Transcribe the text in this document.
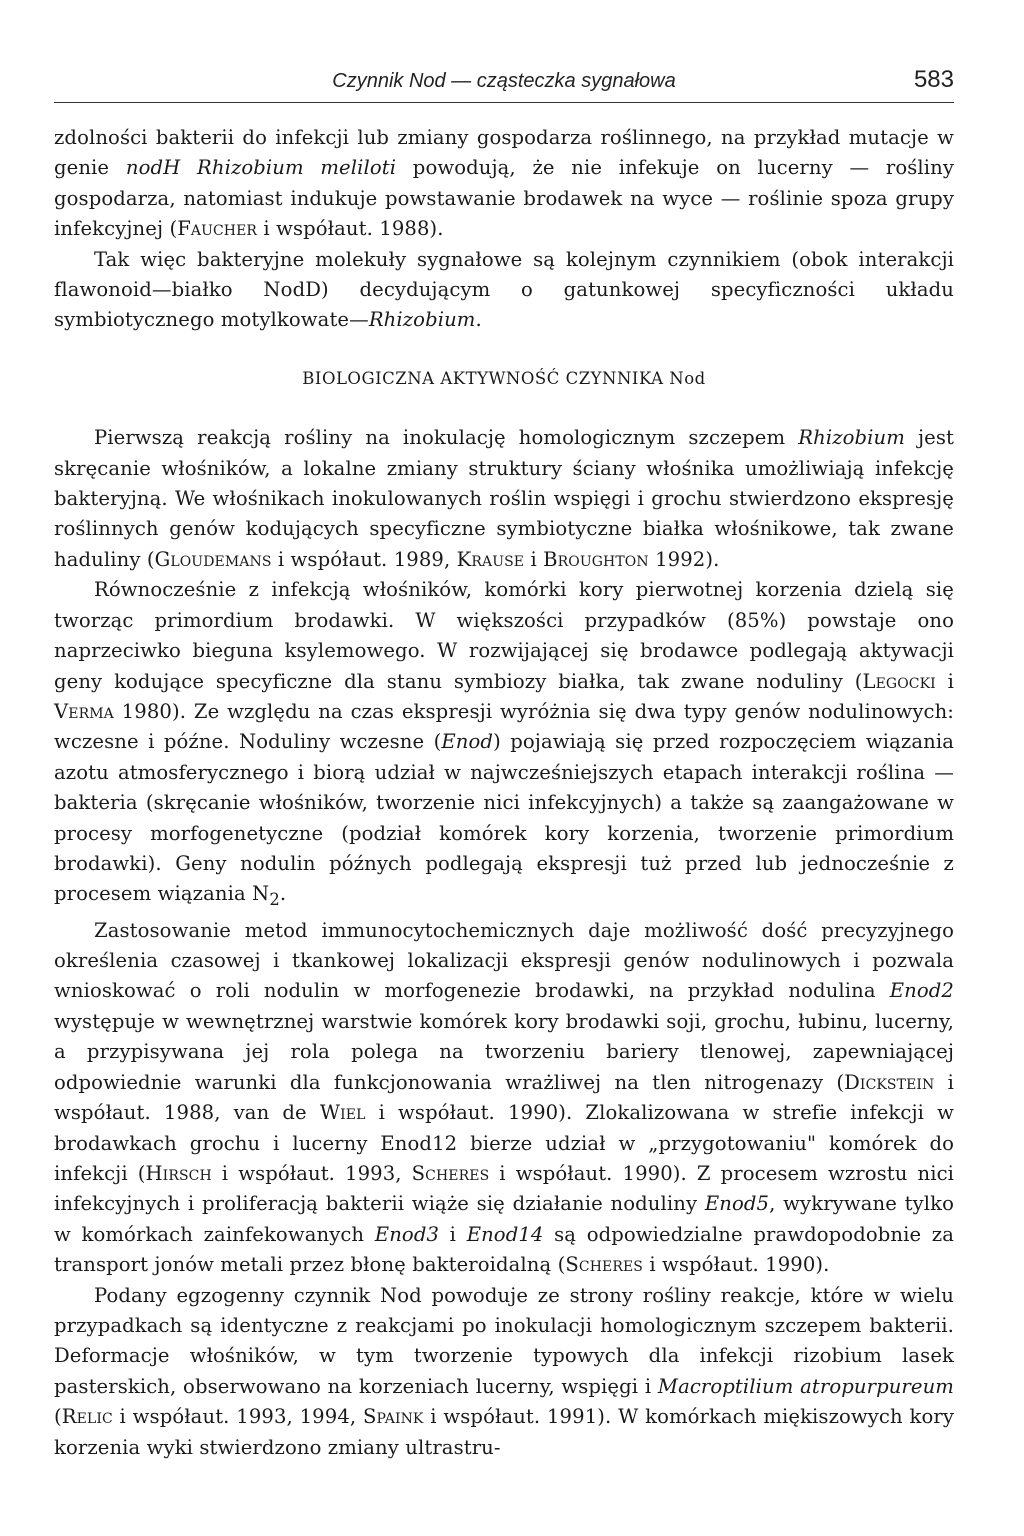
Czynnik Nod — cząsteczka sygnałowa	583

zdolności bakterii do infekcji lub zmiany gospodarza roślinnego, na przykład mutacje w genie nodH Rhizobium meliloti powodują, że nie infekuje on lucerny — rośliny gospodarza, natomiast indukuje powstawanie brodawek na wyce — roślinie spoza grupy infekcyjnej (Faucher i współaut. 1988).

Tak więc bakteryjne molekuły sygnałowe są kolejnym czynnikiem (obok interakcji flawonoid—białko NodD) decydującym o gatunkowej specyficzności układu symbiotycznego motylkowate—Rhizobium.

BIOLOGICZNA AKTYWNOŚĆ CZYNNIKA Nod

Pierwszą reakcją rośliny na inokulację homologicznym szczepem Rhizobium jest skręcanie włośników, a lokalne zmiany struktury ściany włośnika umożliwiają infekcję bakteryjną. We włośnikach inokulowanych roślin wspięgi i grochu stwierdzono ekspresję roślinnych genów kodujących specyficzne symbiotyczne białka włośnikowe, tak zwane haduliny (Gloudemans i współaut. 1989, Krause i Broughton 1992).

Równocześnie z infekcją włośników, komórki kory pierwotnej korzenia dzielą się tworząc primordium brodawki. W większości przypadków (85%) powstaje ono naprzeciwko bieguna ksylemowego. W rozwijającej się brodawce podlegają aktywacji geny kodujące specyficzne dla stanu symbiozy białka, tak zwane noduliny (Legocki i Verma 1980). Ze względu na czas ekspresji wyróżnia się dwa typy genów nodulinowych: wczesne i późne. Noduliny wczesne (Enod) pojawiają się przed rozpoczęciem wiązania azotu atmosferycznego i biorą udział w najwcześniejszych etapach interakcji roślina — bakteria (skręcanie włośników, tworzenie nici infekcyjnych) a także są zaangażowane w procesy morfogenetyczne (podział komórek kory korzenia, tworzenie primordium brodawki). Geny nodulin późnych podlegają ekspresji tuż przed lub jednocześnie z procesem wiązania $N_2$.

Zastosowanie metod immunocytochemicznych daje możliwość dość precyzyjnego określenia czasowej i tkankowej lokalizacji ekspresji genów nodulinowych i pozwala wnioskować o roli nodulin w morfogenezie brodawki, na przykład nodulina Enod2 występuje w wewnętrznej warstwie komórek kory brodawki soji, grochu, łubinu, lucerny, a przypisywana jej rola polega na tworzeniu bariery tlenowej, zapewniającej odpowiednie warunki dla funkcjonowania wrażliwej na tlen nitrogenazy (Dickstein i współaut. 1988, van de Wiel i współaut. 1990). Zlokalizowana w strefie infekcji w brodawkach grochu i lucerny Enod12 bierze udział w „przygotowaniu" komórek do infekcji (Hirsch i współaut. 1993, Scheres i współaut. 1990). Z procesem wzrostu nici infekcyjnych i proliferacją bakterii wiąże się działanie noduliny Enod5, wykrywane tylko w komórkach zainfekowanych Enod3 i Enod14 są odpowiedzialne prawdopodobnie za transport jonów metali przez błonę bakteroidalną (Scheres i współaut. 1990).

Podany egzogenny czynnik Nod powoduje ze strony rośliny reakcje, które w wielu przypadkach są identyczne z reakcjami po inokulacji homologicznym szczepem bakterii. Deformacje włośników, w tym tworzenie typowych dla infekcji rizobium lasek pasterskich, obserwowano na korzeniach lucerny, wspięgi i Macroptilium atropurpureum (Relic i współaut. 1993, 1994, Spaink i współaut. 1991). W komórkach miękiszowych kory korzenia wyki stwierdzono zmiany ultrastru-
